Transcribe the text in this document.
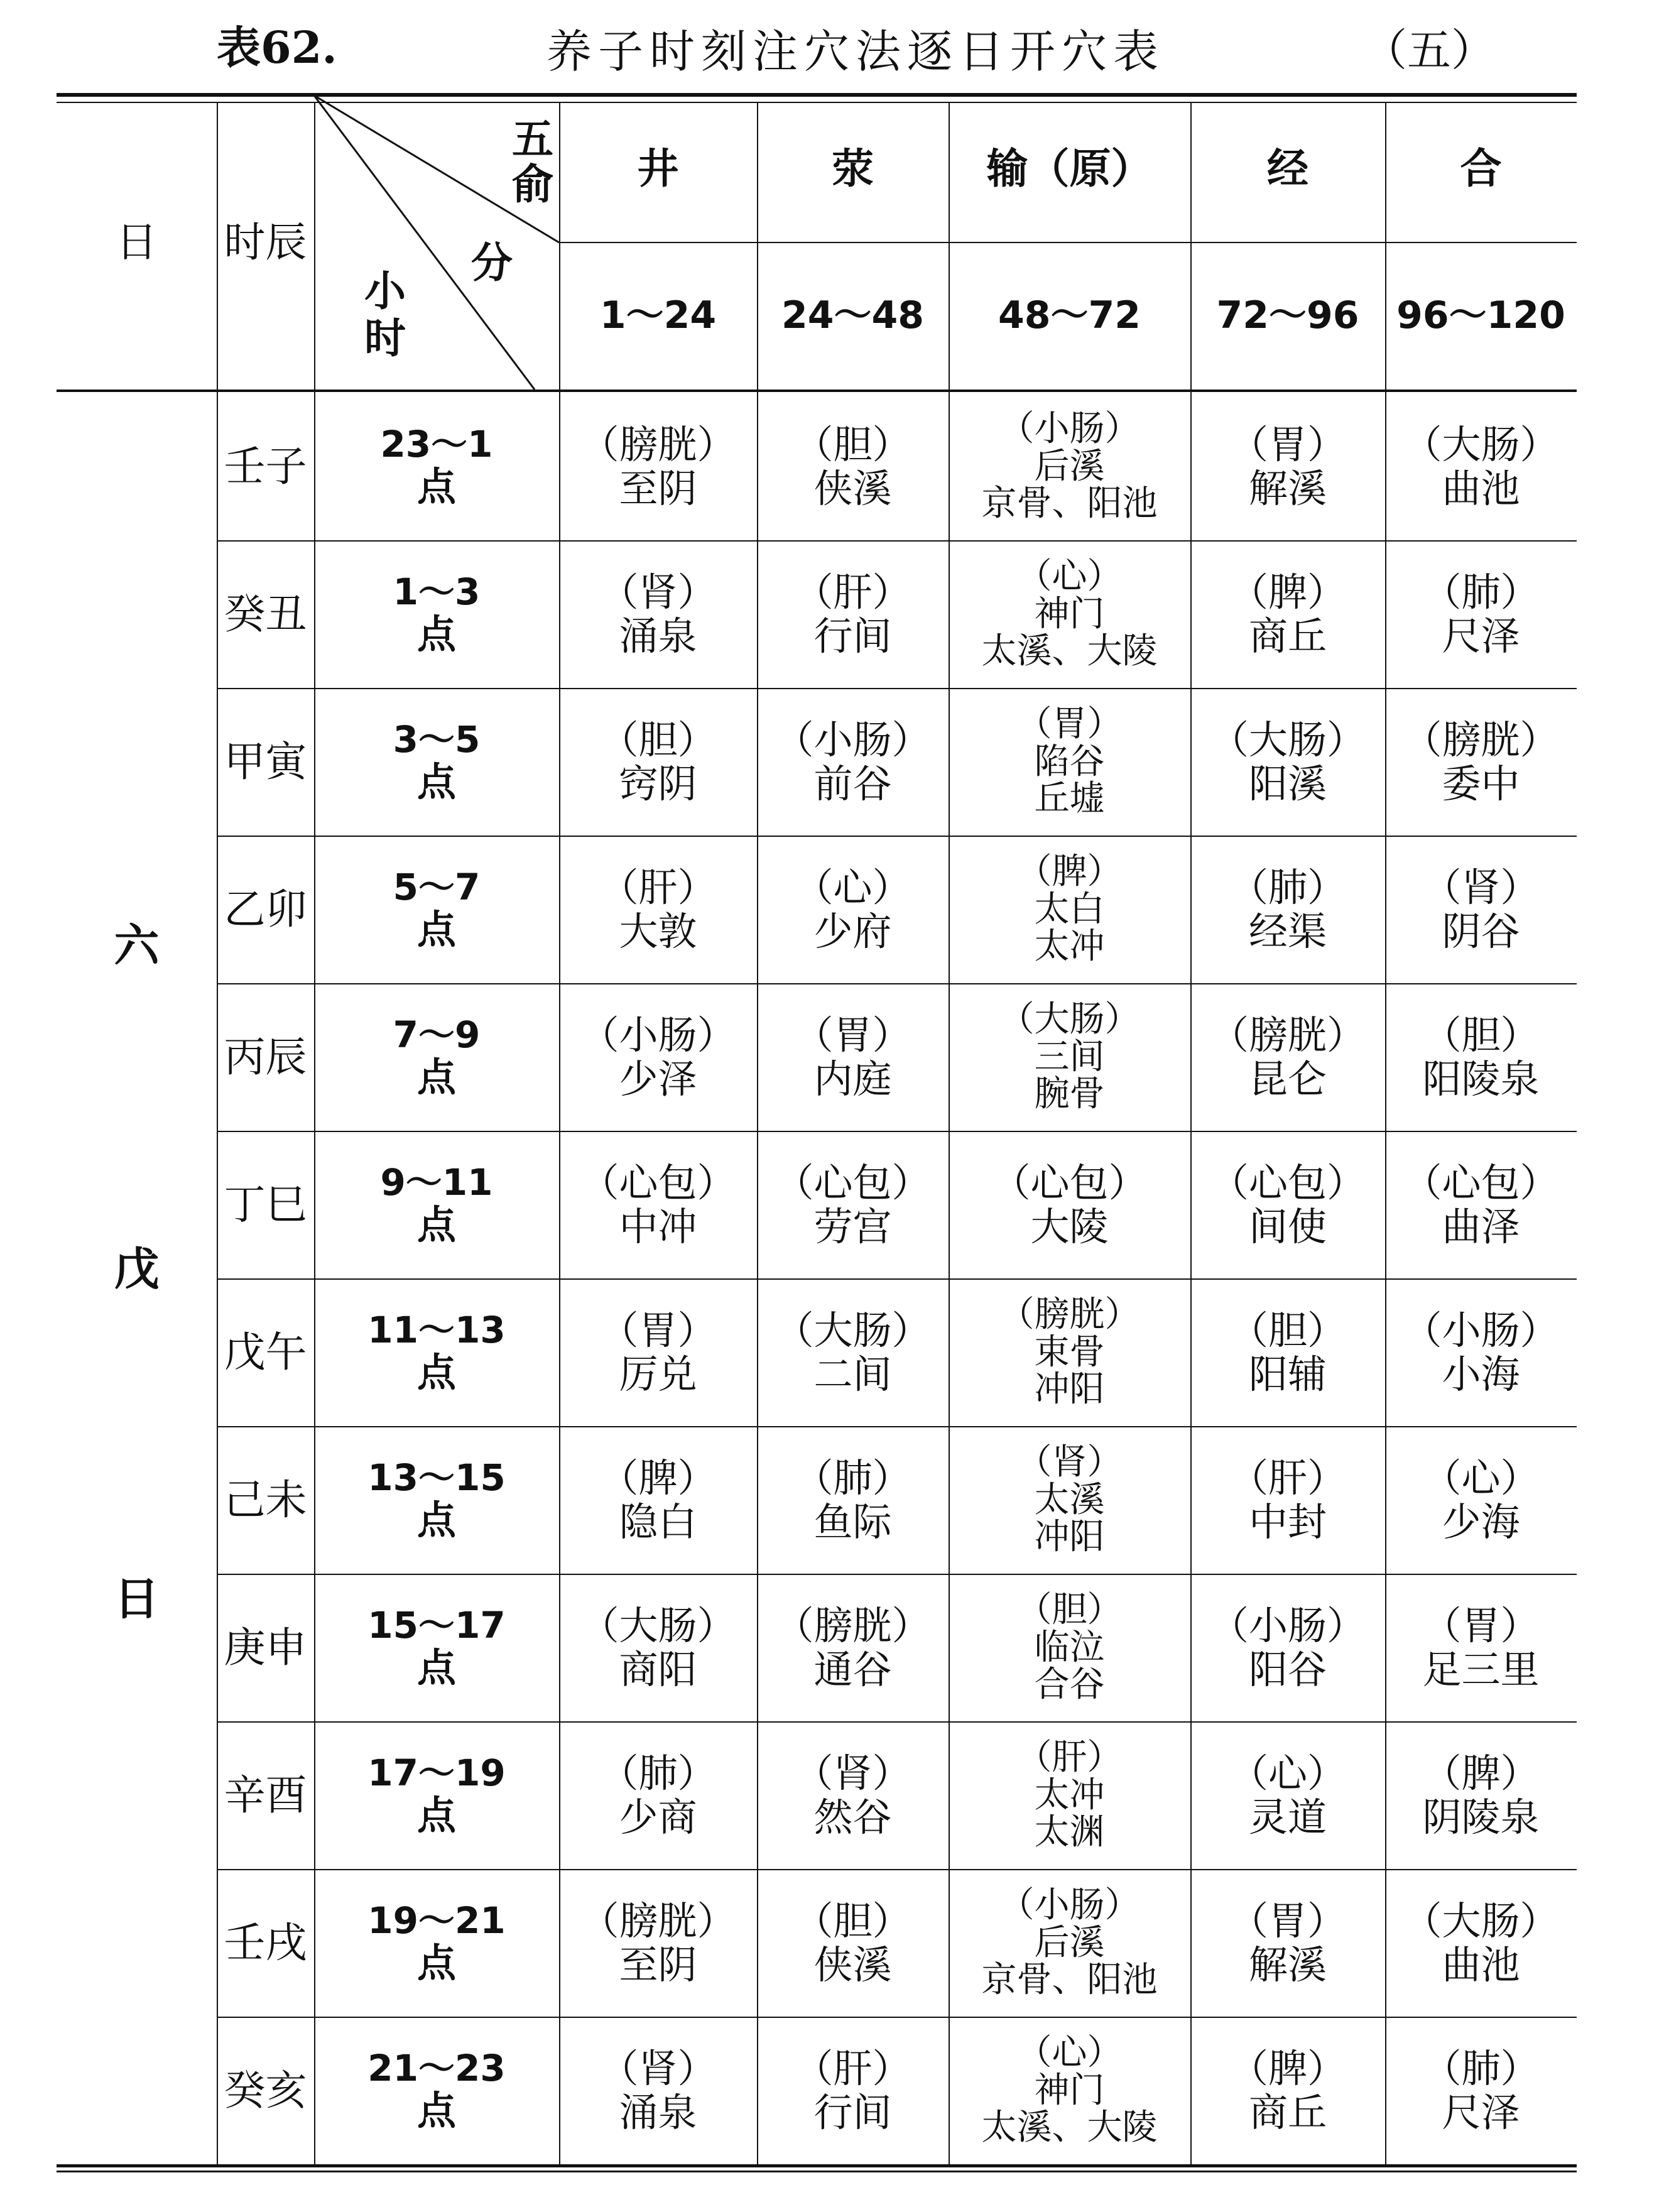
表62.	养子时刻注穴法逐日开穴表	（五）
日 时辰
五
俞
分
小
时
井
1～24
荥
24～48
输（原）
48～72
经
72～96
合
96～120
六
戊
日
壬子 23～1
点
（膀胱）
至阴
（胆）
侠溪
（小肠）
后溪
京骨、阳池
（胃）
解溪
（大肠）
曲池
癸丑 1～3
点
（肾）
涌泉
（肝）
行间
（心）
神门
太溪、大陵
（脾）
商丘
（肺）
尺泽
甲寅 3～5
点
（胆）
窍阴
（小肠）
前谷
（胃）
陷谷
丘墟
（大肠）
阳溪
（膀胱）
委中
乙卯 5～7
点
（肝）
大敦
（心）
少府
（脾）
太白
太冲
（肺）
经渠
（肾）
阴谷
丙辰 7～9
点
（小肠）
少泽
（胃）
内庭
（大肠）
三间
腕骨
（膀胱）
昆仑
（胆）
阳陵泉
丁巳 9～11
点
（心包）
中冲
（心包）
劳宫
（心包）
大陵
（心包）
间使
（心包）
曲泽
戊午 11～13
点
（胃）
厉兑
（大肠）
二间
（膀胱）
束骨
冲阳
（胆）
阳辅
（小肠）
小海
己未 13～15
点
（脾）
隐白
（肺）
鱼际
（肾）
太溪
冲阳
（肝）
中封
（心）
少海
庚申 15～17
点
（大肠）
商阳
（膀胱）
通谷
（胆）
临泣
合谷
（小肠）
阳谷
（胃）
足三里
辛酉 17～19
点
（肺）
少商
（肾）
然谷
（肝）
太冲
太渊
（心）
灵道
（脾）
阴陵泉
壬戌 19～21
点
（膀胱）
至阴
（胆）
侠溪
（小肠）
后溪
京骨、阳池
（胃）
解溪
（大肠）
曲池
癸亥 21～23
点
（肾）
涌泉
（肝）
行间
（心）
神门
太溪、大陵
（脾）
商丘
（肺）
尺泽
